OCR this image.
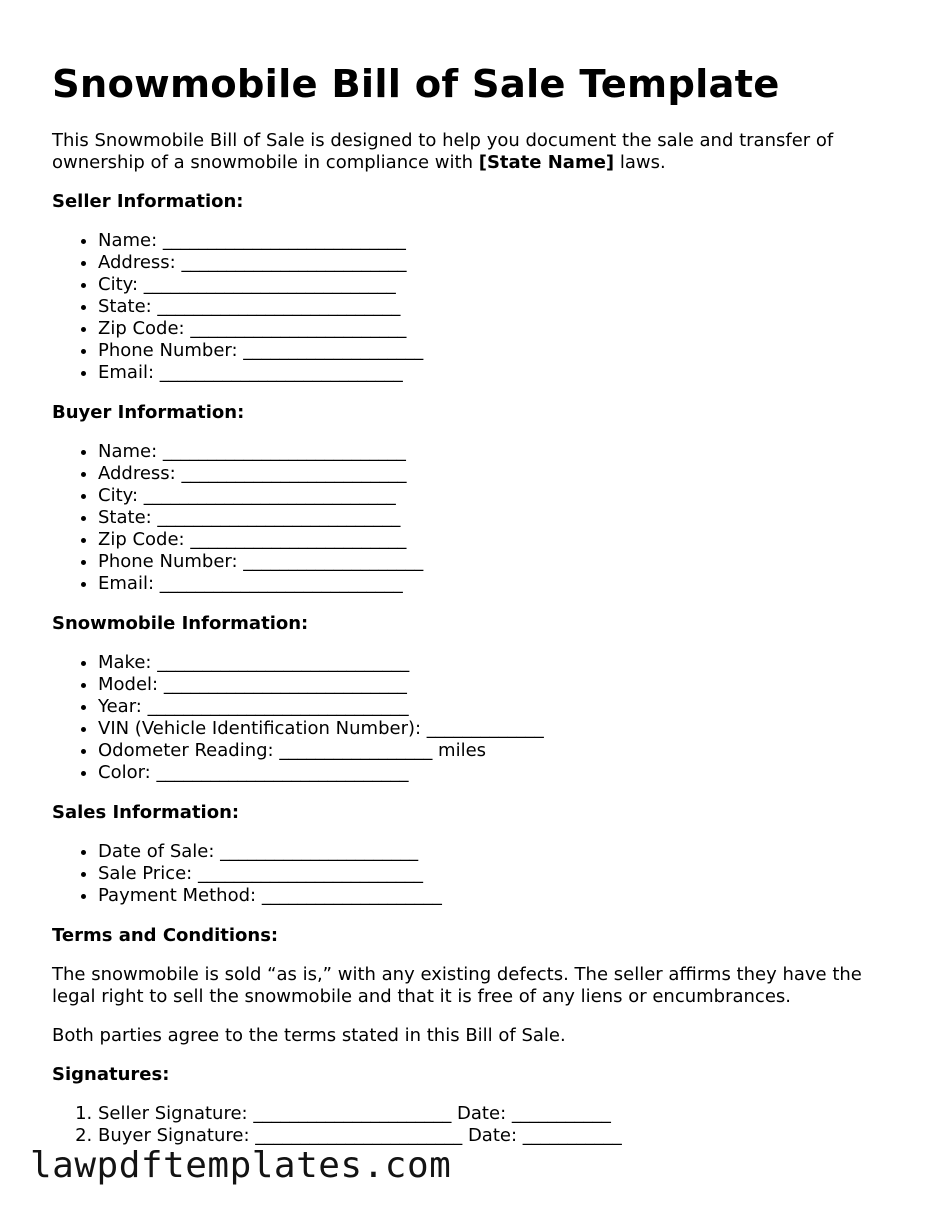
Snowmobile Bill of Sale Template

This Snowmobile Bill of Sale is designed to help you document the sale and transfer of ownership of a snowmobile in compliance with [State Name] laws.

Seller Information:
• Name: ___________________________
• Address: _________________________
• City: ____________________________
• State: ___________________________
• Zip Code: ________________________
• Phone Number: ____________________
• Email: ___________________________
Buyer Information:
• Name: ___________________________
• Address: _________________________
• City: ____________________________
• State: ___________________________
• Zip Code: ________________________
• Phone Number: ____________________
• Email: ___________________________
Snowmobile Information:
• Make: ____________________________
• Model: ___________________________
• Year: _____________________________
• VIN (Vehicle Identification Number): _____________
• Odometer Reading: _________________ miles
• Color: ____________________________
Sales Information:
• Date of Sale: ______________________
• Sale Price: _________________________
• Payment Method: ____________________
Terms and Conditions:

The snowmobile is sold “as is,” with any existing defects. The seller affirms they have the legal right to sell the snowmobile and that it is free of any liens or encumbrances.

Both parties agree to the terms stated in this Bill of Sale.

Signatures:
1. Seller Signature: ______________________ Date: ___________
2. Buyer Signature: _______________________ Date: ___________
lawpdftemplates.com
